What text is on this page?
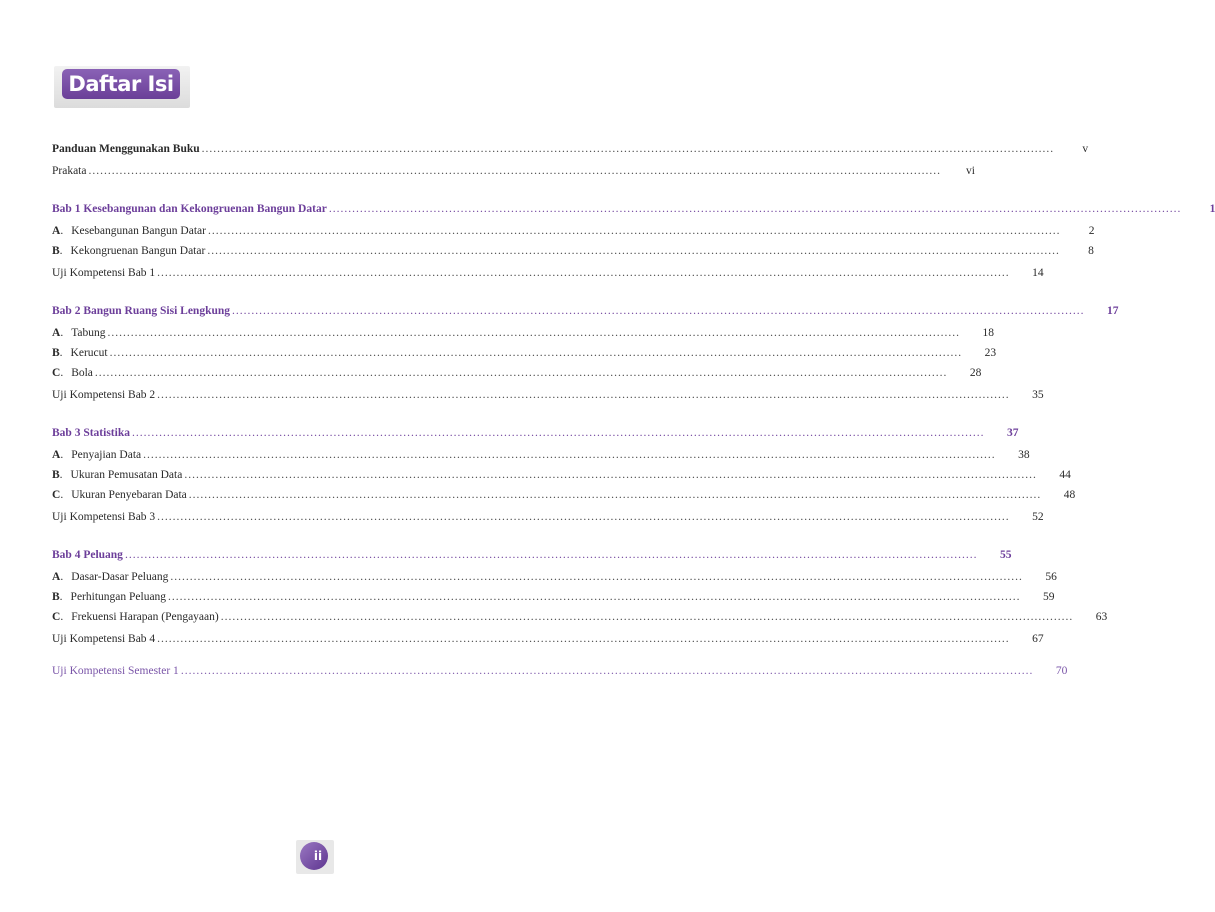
Daftar Isi
Panduan Menggunakan Buku ............................................................................................................................................................................................................................	v
Prakata ............................................................................................................................................................................................................................	vi
Bab 1 Kesebangunan dan Kekongruenan Bangun Datar ............................................................................................................................................................................................................................	1
A. Kesebangunan Bangun Datar ............................................................................................................................................................................................................................	2
B. Kekongruenan Bangun Datar ............................................................................................................................................................................................................................	8
Uji Kompetensi Bab 1 ............................................................................................................................................................................................................................	14
Bab 2 Bangun Ruang Sisi Lengkung ............................................................................................................................................................................................................................	17
A. Tabung ............................................................................................................................................................................................................................	18
B. Kerucut ............................................................................................................................................................................................................................	23
C. Bola ............................................................................................................................................................................................................................	28
Uji Kompetensi Bab 2 ............................................................................................................................................................................................................................	35
Bab 3 Statistika ............................................................................................................................................................................................................................	37
A. Penyajian Data ............................................................................................................................................................................................................................	38
B. Ukuran Pemusatan Data ............................................................................................................................................................................................................................	44
C. Ukuran Penyebaran Data ............................................................................................................................................................................................................................	48
Uji Kompetensi Bab 3 ............................................................................................................................................................................................................................	52
Bab 4 Peluang ............................................................................................................................................................................................................................	55
A. Dasar-Dasar Peluang ............................................................................................................................................................................................................................	56
B. Perhitungan Peluang ............................................................................................................................................................................................................................	59
C. Frekuensi Harapan (Pengayaan) ............................................................................................................................................................................................................................	63
Uji Kompetensi Bab 4 ............................................................................................................................................................................................................................	67
Uji Kompetensi Semester 1 ............................................................................................................................................................................................................................	70
ii
